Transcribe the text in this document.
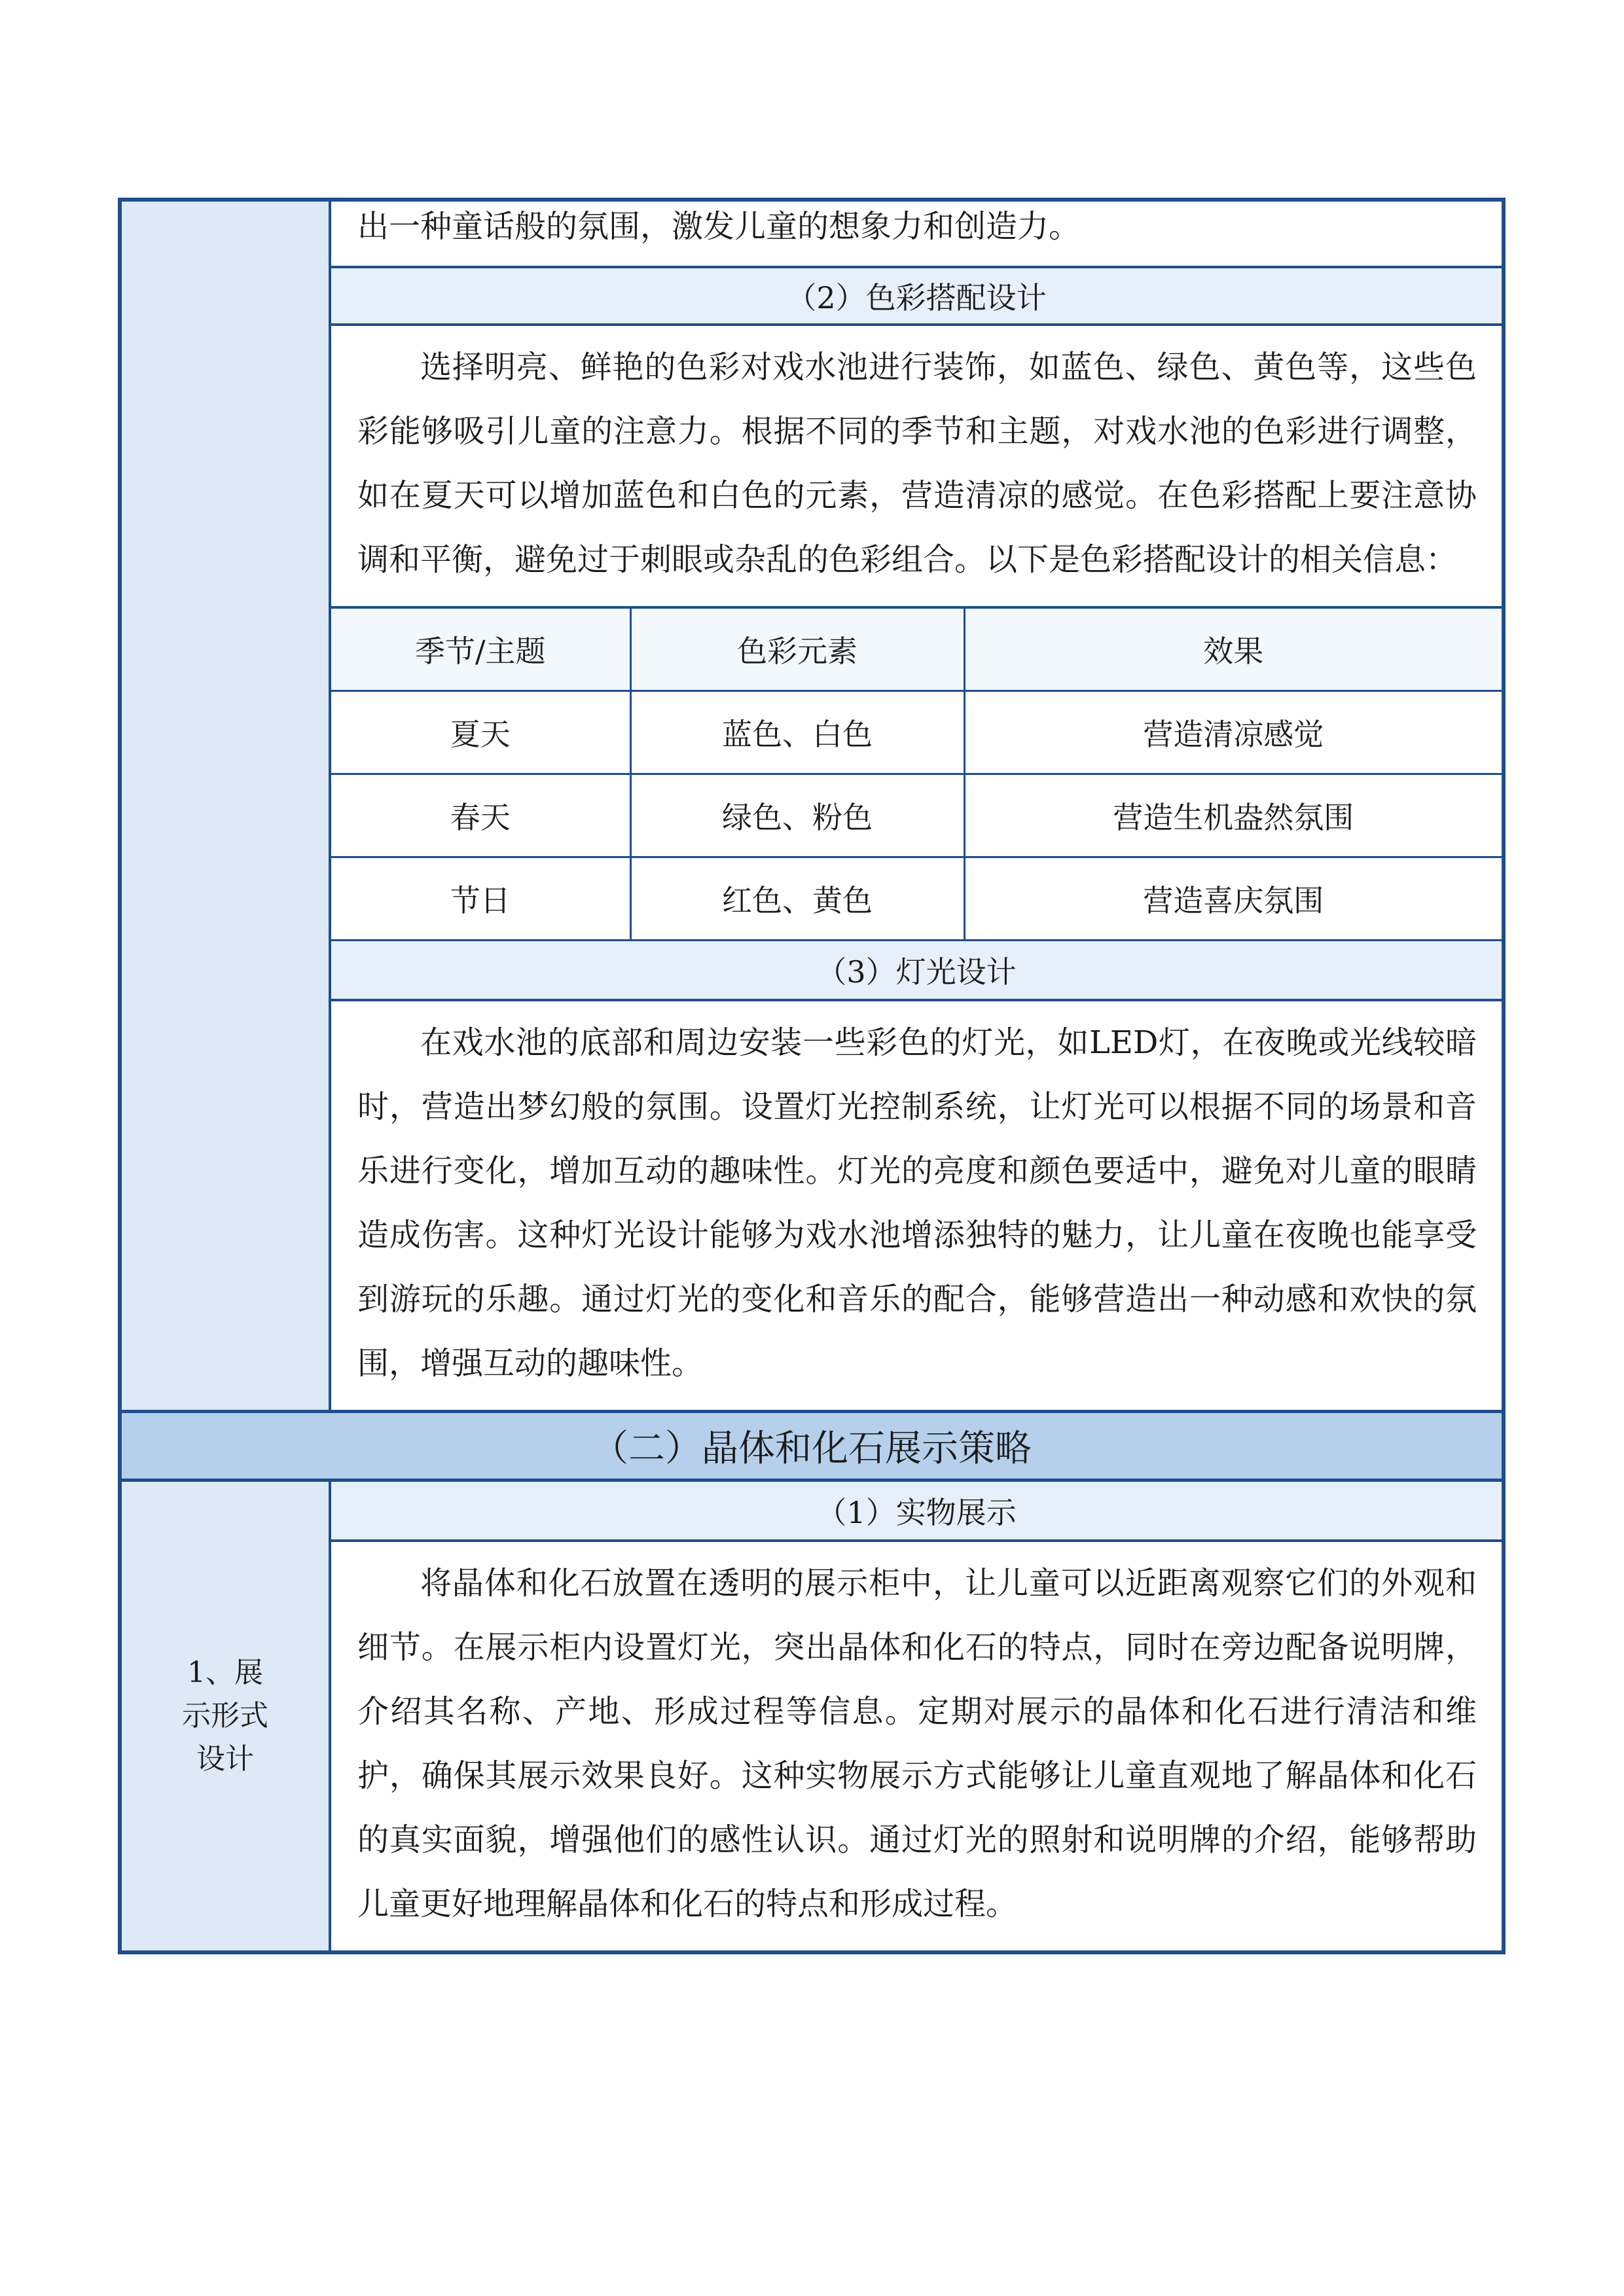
出一种童话般的氛围，激发儿童的想象力和创造力。
（2）色彩搭配设计
选择明亮、鲜艳的色彩对戏水池进行装饰，如蓝色、绿色、黄色等，这些色彩能够吸引儿童的注意力。根据不同的季节和主题，对戏水池的色彩进行调整，如在夏天可以增加蓝色和白色的元素，营造清凉的感觉。在色彩搭配上要注意协调和平衡，避免过于刺眼或杂乱的色彩组合。以下是色彩搭配设计的相关信息：
季节/主题	色彩元素	效果
夏天	蓝色、白色	营造清凉感觉
春天	绿色、粉色	营造生机盎然氛围
节日	红色、黄色	营造喜庆氛围
（3）灯光设计
在戏水池的底部和周边安装一些彩色的灯光，如LED灯，在夜晚或光线较暗时，营造出梦幻般的氛围。设置灯光控制系统，让灯光可以根据不同的场景和音乐进行变化，增加互动的趣味性。灯光的亮度和颜色要适中，避免对儿童的眼睛造成伤害。这种灯光设计能够为戏水池增添独特的魅力，让儿童在夜晚也能享受到游玩的乐趣。通过灯光的变化和音乐的配合，能够营造出一种动感和欢快的氛围，增强互动的趣味性。
（二）晶体和化石展示策略
1、展示形式设计
（1）实物展示
将晶体和化石放置在透明的展示柜中，让儿童可以近距离观察它们的外观和细节。在展示柜内设置灯光，突出晶体和化石的特点，同时在旁边配备说明牌，介绍其名称、产地、形成过程等信息。定期对展示的晶体和化石进行清洁和维护，确保其展示效果良好。这种实物展示方式能够让儿童直观地了解晶体和化石的真实面貌，增强他们的感性认识。通过灯光的照射和说明牌的介绍，能够帮助儿童更好地理解晶体和化石的特点和形成过程。
